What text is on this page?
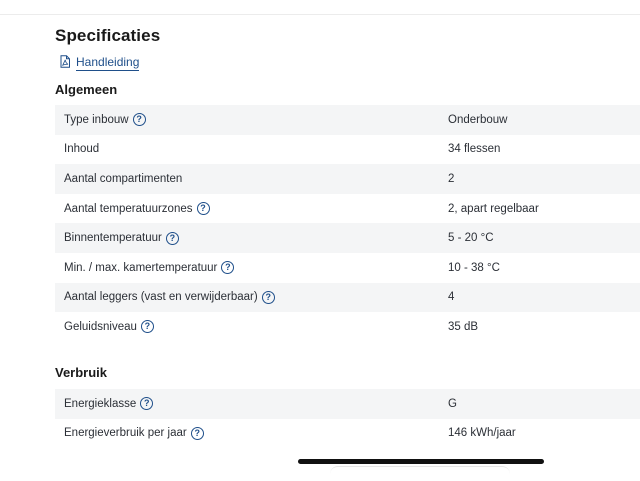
Specificaties
Handleiding
Algemeen
Type inbouw ?	Onderbouw
Inhoud	34 flessen
Aantal compartimenten	2
Aantal temperatuurzones ?	2, apart regelbaar
Binnentemperatuur ?	5 - 20 °C
Min. / max. kamertemperatuur ?	10 - 38 °C
Aantal leggers (vast en verwijderbaar) ?	4
Geluidsniveau ?	35 dB
Verbruik
Energieklasse ?	G
Energieverbruik per jaar ?	146 kWh/jaar
